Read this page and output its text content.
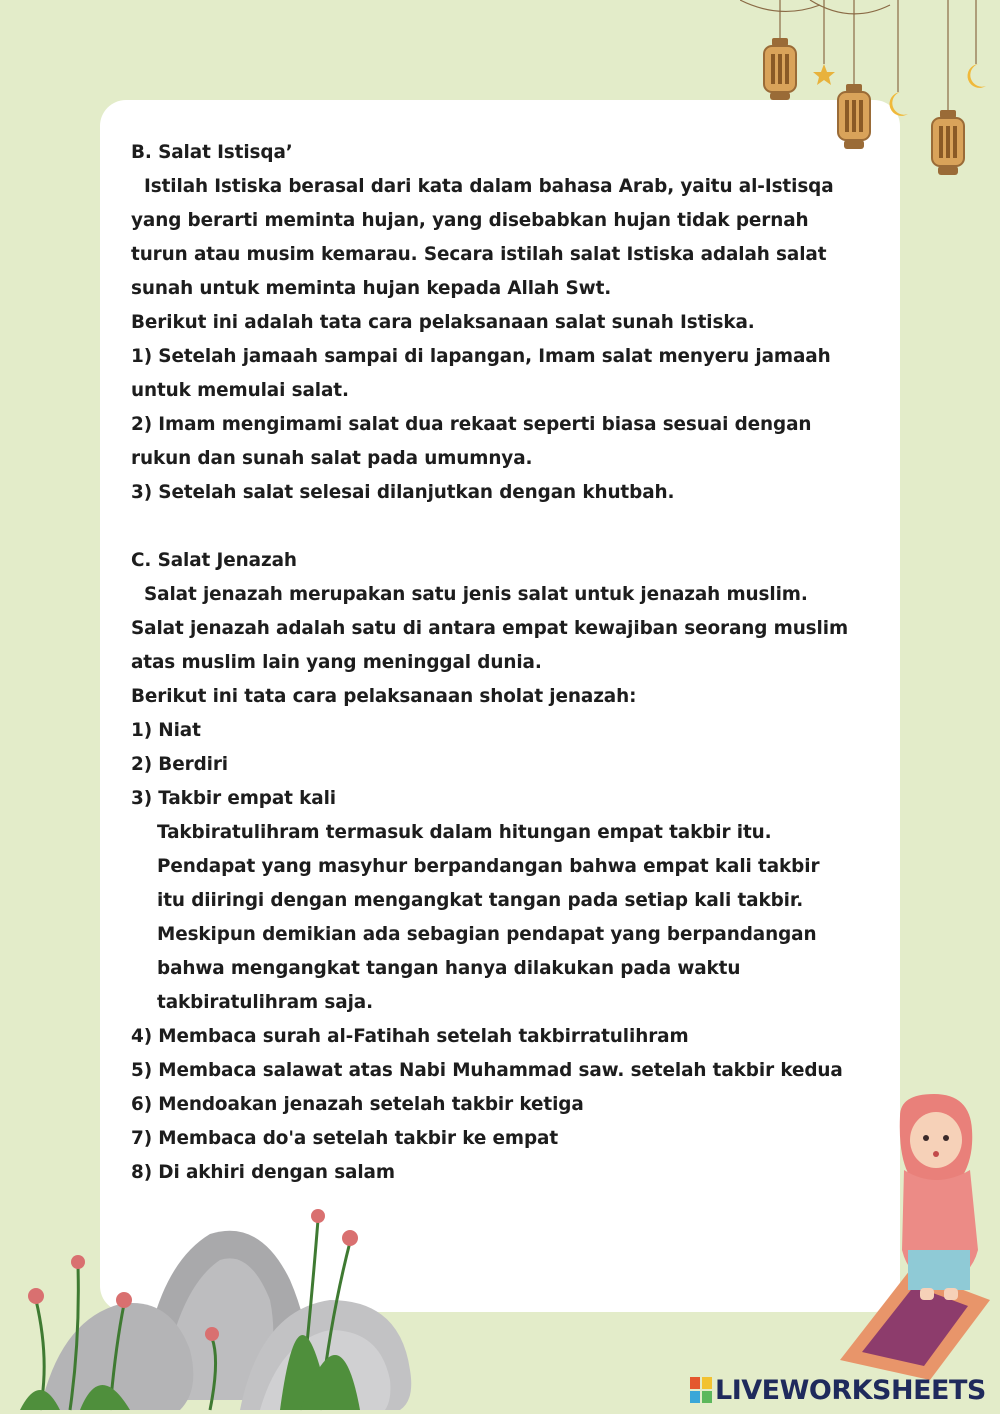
B. Salat Istisqa’

Istilah Istiska berasal dari kata dalam bahasa Arab, yaitu al-Istisqa

yang berarti meminta hujan, yang disebabkan hujan tidak pernah

turun atau musim kemarau. Secara istilah salat Istiska adalah salat

sunah untuk meminta hujan kepada Allah Swt.

Berikut ini adalah tata cara pelaksanaan salat sunah Istiska.

1) Setelah jamaah sampai di lapangan, Imam salat menyeru jamaah

untuk memulai salat.

2) Imam mengimami salat dua rekaat seperti biasa sesuai dengan

rukun dan sunah salat pada umumnya.

3) Setelah salat selesai dilanjutkan dengan khutbah.

C. Salat Jenazah

Salat jenazah merupakan satu jenis salat untuk jenazah muslim.

Salat jenazah adalah satu di antara empat kewajiban seorang muslim

atas muslim lain yang meninggal dunia.

Berikut ini tata cara pelaksanaan sholat jenazah:

1) Niat

2) Berdiri

3) Takbir empat kali

Takbiratulihram termasuk dalam hitungan empat takbir itu.

Pendapat yang masyhur berpandangan bahwa empat kali takbir

itu diiringi dengan mengangkat tangan pada setiap kali takbir.

Meskipun demikian ada sebagian pendapat yang berpandangan

bahwa mengangkat tangan hanya dilakukan pada waktu

takbiratulihram saja.

4) Membaca surah al-Fatihah setelah takbirratulihram

5) Membaca salawat atas Nabi Muhammad saw. setelah takbir kedua

6) Mendoakan jenazah setelah takbir ketiga

7) Membaca do'a setelah takbir ke empat

8) Di akhiri dengan salam

LIVEWORKSHEETS
